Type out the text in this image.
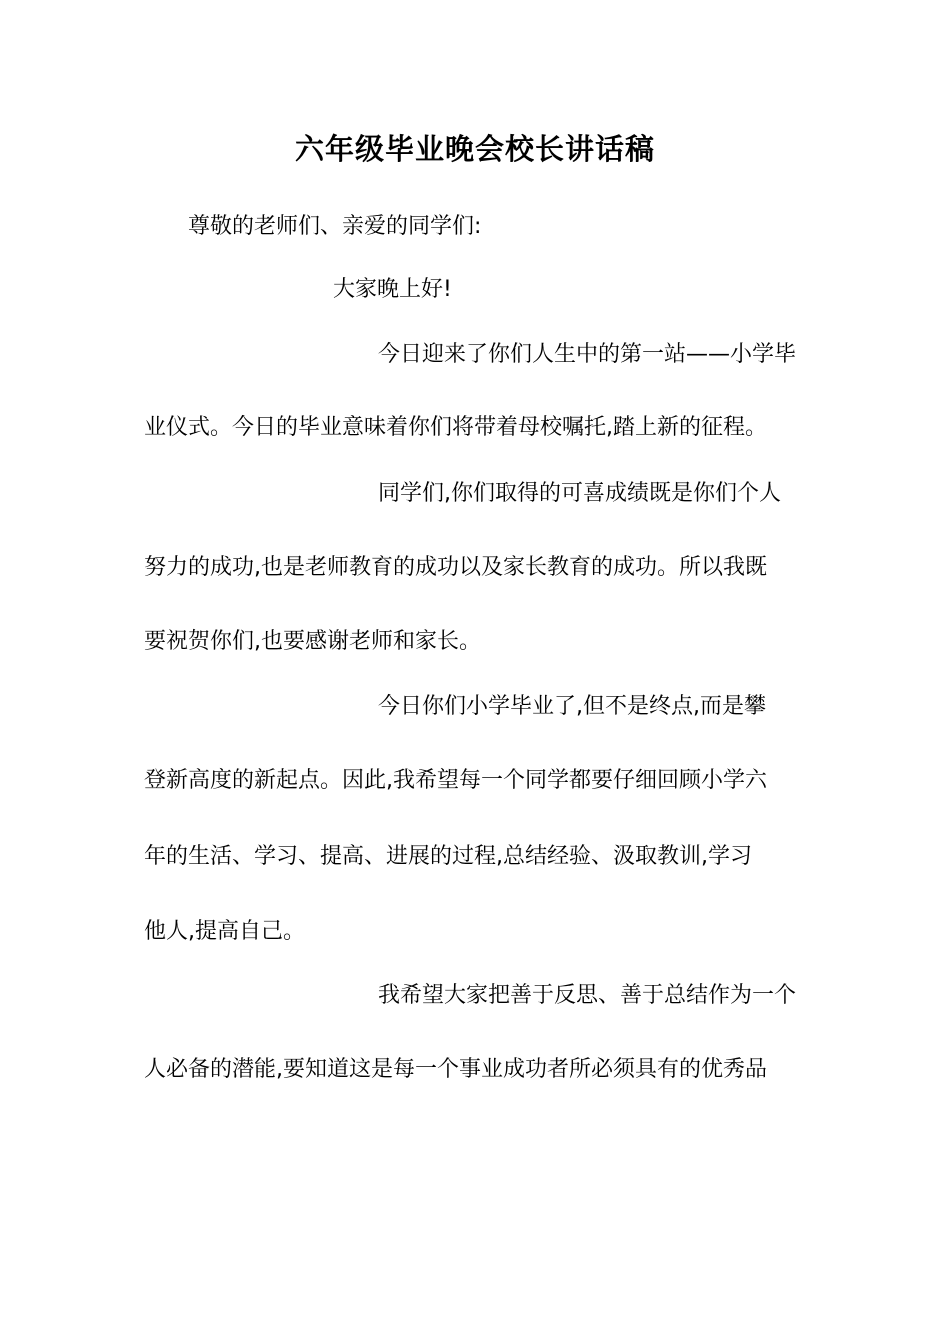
六年级毕业晚会校长讲话稿
尊敬的老师们、亲爱的同学们:
大家晚上好!
今日迎来了你们人生中的第一站——小学毕
业仪式。今日的毕业意味着你们将带着母校嘱托,踏上新的征程。
同学们,你们取得的可喜成绩既是你们个人
努力的成功,也是老师教育的成功以及家长教育的成功。所以我既
要祝贺你们,也要感谢老师和家长。
今日你们小学毕业了,但不是终点,而是攀
登新高度的新起点。因此,我希望每一个同学都要仔细回顾小学六
年的生活、学习、提高、进展的过程,总结经验、汲取教训,学习
他人,提高自己。
我希望大家把善于反思、善于总结作为一个
人必备的潜能,要知道这是每一个事业成功者所必须具有的优秀品
